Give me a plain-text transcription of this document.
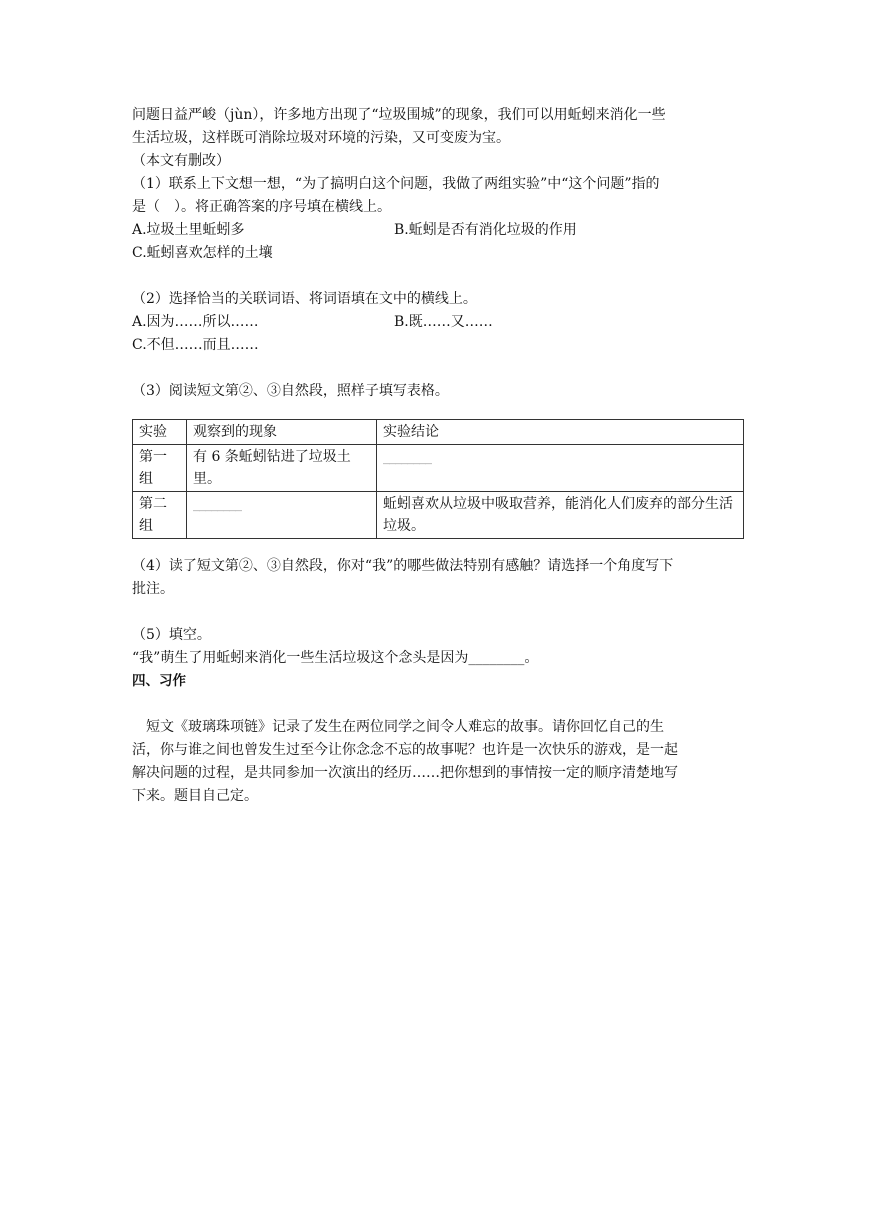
问题日益严峻（jùn），许多地方出现了“垃圾围城”的现象，我们可以用蚯蚓来消化一些

生活垃圾，这样既可消除垃圾对环境的污染，又可变废为宝。

（本文有删改）

（1）联系上下文想一想，“为了搞明白这个问题，我做了两组实验”中“这个问题”指的

是（　）。将正确答案的序号填在横线上。

A.垃圾土里蚯蚓多	B.蚯蚓是否有消化垃圾的作用

C.蚯蚓喜欢怎样的土壤

（2）选择恰当的关联词语、将词语填在文中的横线上。

A.因为……所以……	B.既……又……

C.不但……而且……

（3）阅读短文第②、③自然段，照样子填写表格。

实验	观察到的现象	实验结论
第一组	有 6 条蚯蚓钻进了垃圾土里。	________
第二组	________	蚯蚓喜欢从垃圾中吸取营养，能消化人们废弃的部分生活垃圾。

（4）读了短文第②、③自然段，你对“我”的哪些做法特别有感触？请选择一个角度写下

批注。

（5）填空。

“我”萌生了用蚯蚓来消化一些生活垃圾这个念头是因为________。

四、习作

　短文《玻璃珠项链》记录了发生在两位同学之间令人难忘的故事。请你回忆自己的生

活，你与谁之间也曾发生过至今让你念念不忘的故事呢？也许是一次快乐的游戏，是一起

解决问题的过程，是共同参加一次演出的经历……把你想到的事情按一定的顺序清楚地写

下来。题目自己定。
